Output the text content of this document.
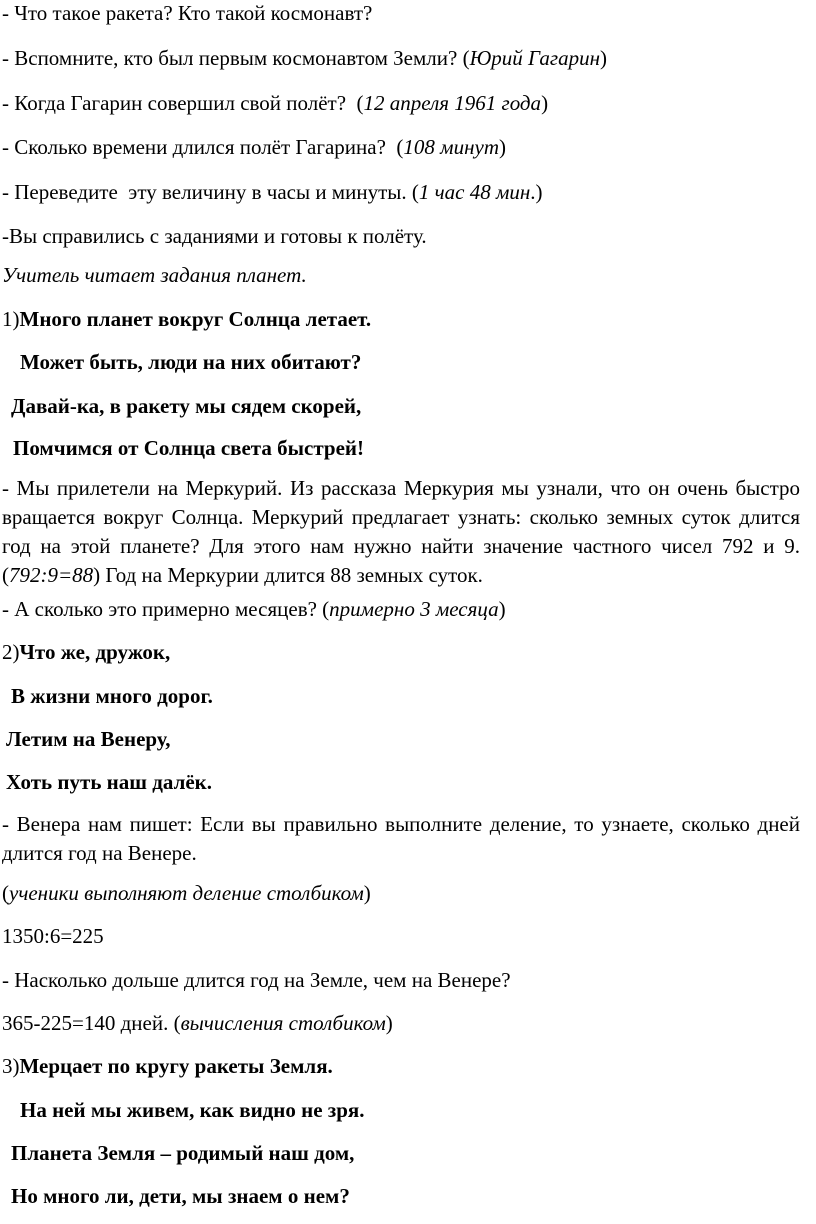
- Что такое ракета? Кто такой космонавт?
- Вспомните, кто был первым космонавтом Земли? (Юрий Гагарин)
- Когда Гагарин совершил свой полёт?  (12 апреля 1961 года)
- Сколько времени длился полёт Гагарина?  (108 минут)
- Переведите  эту величину в часы и минуты. (1 час 48 мин.)
-Вы справились с заданиями и готовы к полёту.
Учитель читает задания планет.
1)Много планет вокруг Солнца летает.
Может быть, люди на них обитают?
Давай-ка, в ракету мы сядем скорей,
Помчимся от Солнца света быстрей!
- Мы прилетели на Меркурий. Из рассказа Меркурия мы узнали, что он очень быстро вращается вокруг Солнца. Меркурий предлагает узнать: сколько земных суток длится год на этой планете? Для этого нам нужно найти значение частного чисел 792 и 9. (792:9=88) Год на Меркурии длится 88 земных суток.
- А сколько это примерно месяцев? (примерно 3 месяца)
2)Что же, дружок,
В жизни много дорог.
Летим на Венеру,
Хоть путь наш далёк.
- Венера нам пишет: Если вы правильно выполните деление, то узнаете, сколько дней длится год на Венере.
(ученики выполняют деление столбиком)
1350:6=225
- Насколько дольше длится год на Земле, чем на Венере?
365-225=140 дней. (вычисления столбиком)
3)Мерцает по кругу ракеты Земля.
На ней мы живем, как видно не зря.
Планета Земля – родимый наш дом,
Но много ли, дети, мы знаем о нем?
